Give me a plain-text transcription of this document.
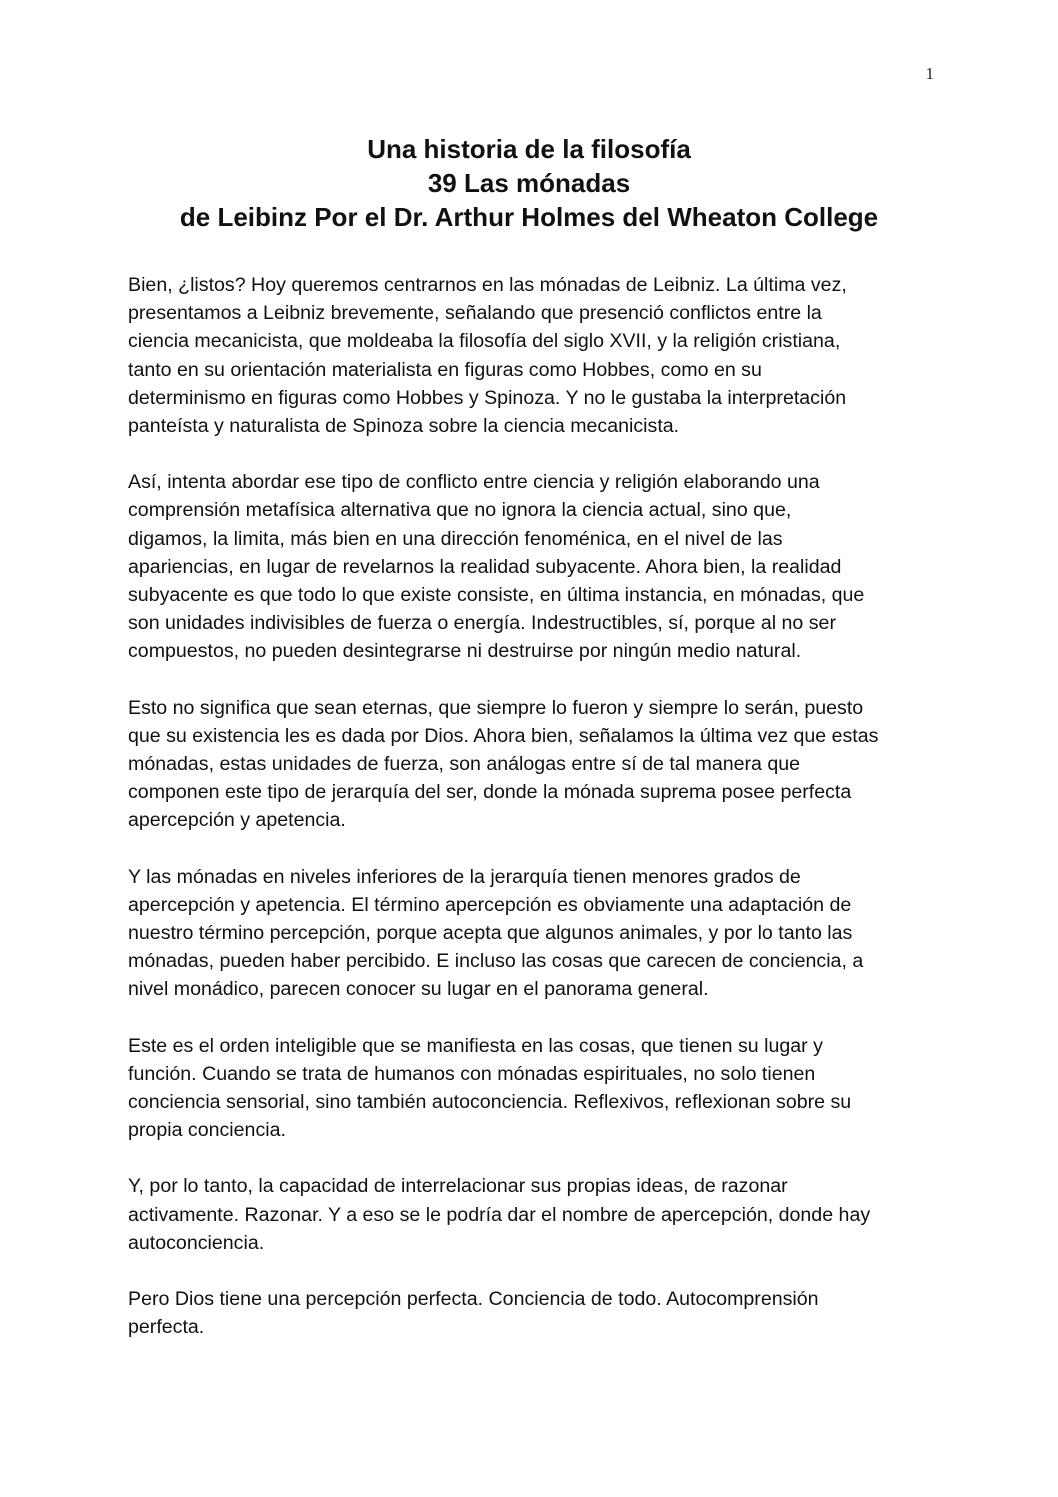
1
Una historia de la filosofía
39 Las mónadas
de Leibinz Por el Dr. Arthur Holmes del Wheaton College

Bien, ¿listos? Hoy queremos centrarnos en las mónadas de Leibniz. La última vez,
presentamos a Leibniz brevemente, señalando que presenció conflictos entre la
ciencia mecanicista, que moldeaba la filosofía del siglo XVII, y la religión cristiana,
tanto en su orientación materialista en figuras como Hobbes, como en su
determinismo en figuras como Hobbes y Spinoza. Y no le gustaba la interpretación
panteísta y naturalista de Spinoza sobre la ciencia mecanicista.

Así, intenta abordar ese tipo de conflicto entre ciencia y religión elaborando una
comprensión metafísica alternativa que no ignora la ciencia actual, sino que,
digamos, la limita, más bien en una dirección fenoménica, en el nivel de las
apariencias, en lugar de revelarnos la realidad subyacente. Ahora bien, la realidad
subyacente es que todo lo que existe consiste, en última instancia, en mónadas, que
son unidades indivisibles de fuerza o energía. Indestructibles, sí, porque al no ser
compuestos, no pueden desintegrarse ni destruirse por ningún medio natural.

Esto no significa que sean eternas, que siempre lo fueron y siempre lo serán, puesto
que su existencia les es dada por Dios. Ahora bien, señalamos la última vez que estas
mónadas, estas unidades de fuerza, son análogas entre sí de tal manera que
componen este tipo de jerarquía del ser, donde la mónada suprema posee perfecta
apercepción y apetencia.

Y las mónadas en niveles inferiores de la jerarquía tienen menores grados de
apercepción y apetencia. El término apercepción es obviamente una adaptación de
nuestro término percepción, porque acepta que algunos animales, y por lo tanto las
mónadas, pueden haber percibido. E incluso las cosas que carecen de conciencia, a
nivel monádico, parecen conocer su lugar en el panorama general.

Este es el orden inteligible que se manifiesta en las cosas, que tienen su lugar y
función. Cuando se trata de humanos con mónadas espirituales, no solo tienen
conciencia sensorial, sino también autoconciencia. Reflexivos, reflexionan sobre su
propia conciencia.

Y, por lo tanto, la capacidad de interrelacionar sus propias ideas, de razonar
activamente. Razonar. Y a eso se le podría dar el nombre de apercepción, donde hay
autoconciencia.

Pero Dios tiene una percepción perfecta. Conciencia de todo. Autocomprensión
perfecta.
